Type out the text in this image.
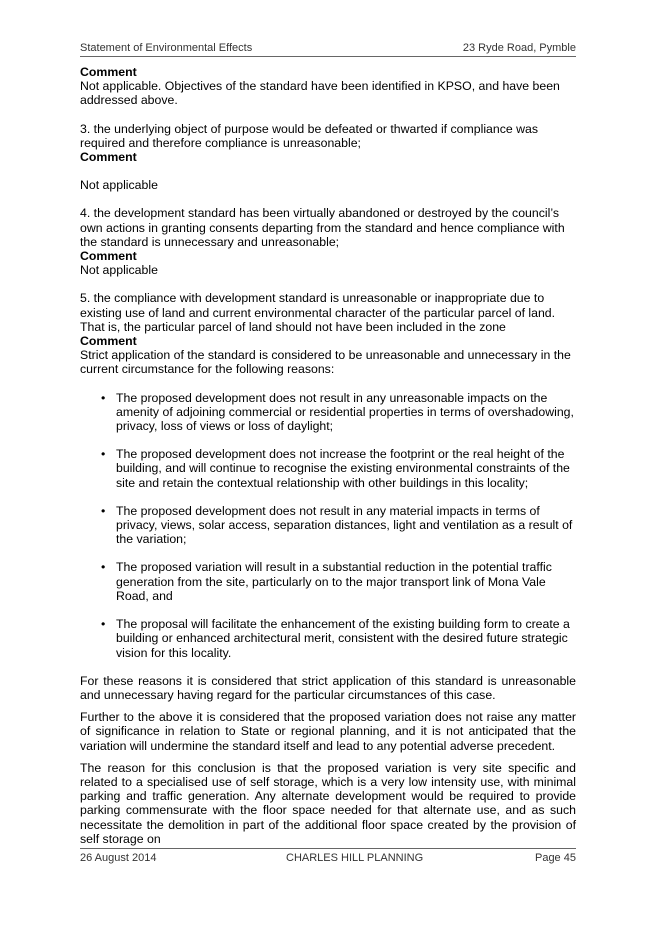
Statement of Environmental Effects	23 Ryde Road, Pymble

Comment

Not applicable. Objectives of the standard have been identified in KPSO, and have been addressed above.

3. the underlying object of purpose would be defeated or thwarted if compliance was required and therefore compliance is unreasonable;

Comment

Not applicable

4. the development standard has been virtually abandoned or destroyed by the council’s own actions in granting consents departing from the standard and hence compliance with the standard is unnecessary and unreasonable;

Comment

Not applicable

5. the compliance with development standard is unreasonable or inappropriate due to existing use of land and current environmental character of the particular parcel of land. That is, the particular parcel of land should not have been included in the zone

Comment

Strict application of the standard is considered to be unreasonable and unnecessary in the current circumstance for the following reasons:

• The proposed development does not result in any unreasonable impacts on the amenity of adjoining commercial or residential properties in terms of overshadowing, privacy, loss of views or loss of daylight;
• The proposed development does not increase the footprint or the real height of the building, and will continue to recognise the existing environmental constraints of the site and retain the contextual relationship with other buildings in this locality;
• The proposed development does not result in any material impacts in terms of privacy, views, solar access, separation distances, light and ventilation as a result of the variation;
• The proposed variation will result in a substantial reduction in the potential traffic generation from the site, particularly on to the major transport link of Mona Vale Road, and
• The proposal will facilitate the enhancement of the existing building form to create a building or enhanced architectural merit, consistent with the desired future strategic vision for this locality.

For these reasons it is considered that strict application of this standard is unreasonable and unnecessary having regard for the particular circumstances of this case.

Further to the above it is considered that the proposed variation does not raise any matter of significance in relation to State or regional planning, and it is not anticipated that the variation will undermine the standard itself and lead to any potential adverse precedent.

The reason for this conclusion is that the proposed variation is very site specific and related to a specialised use of self storage, which is a very low intensity use, with minimal parking and traffic generation. Any alternate development would be required to provide parking commensurate with the floor space needed for that alternate use, and as such necessitate the demolition in part of the additional floor space created by the provision of self storage on

26 August 2014	CHARLES HILL PLANNING	Page 45
